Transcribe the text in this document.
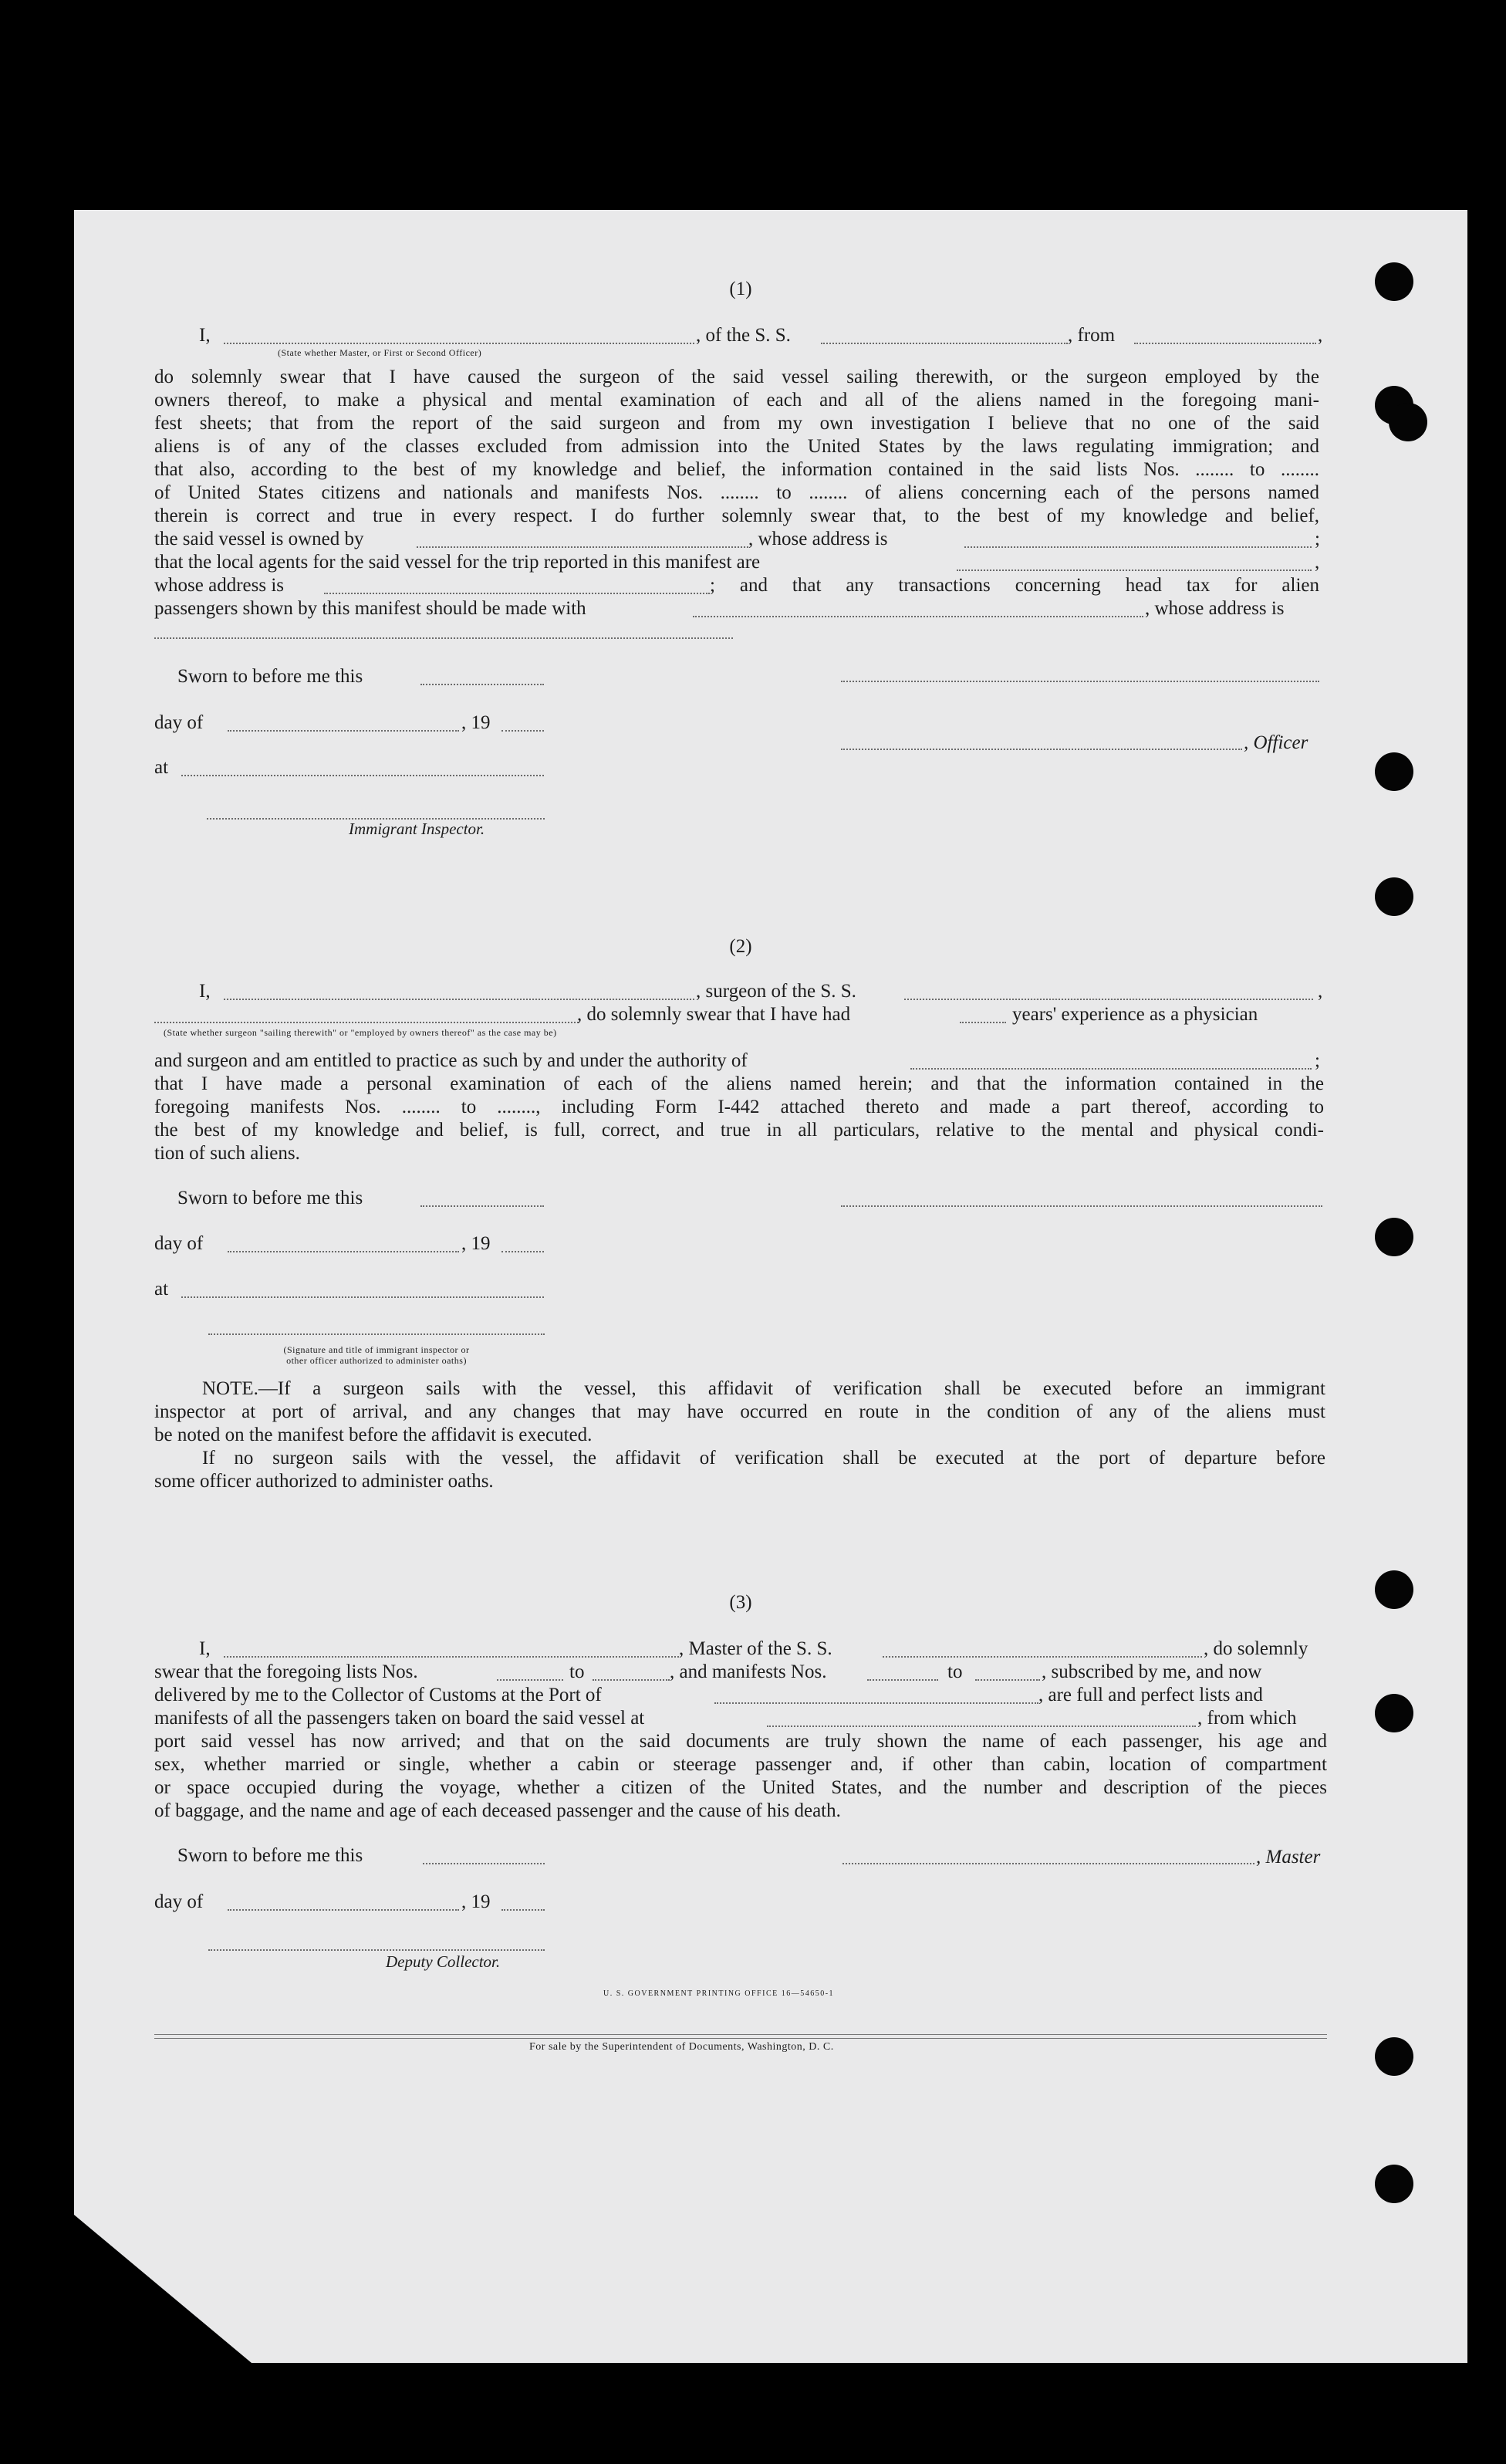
(1)
I,
(State whether Master, or First or Second Officer)
, of the S. S.	, from	,
do solemnly swear that I have caused the surgeon of the said vessel sailing therewith, or the surgeon employed by the
owners thereof, to make a physical and mental examination of each and all of the aliens named in the foregoing mani-
fest sheets; that from the report of the said surgeon and from my own investigation I believe that no one of the said
aliens is of any of the classes excluded from admission into the United States by the laws regulating immigration; and
that also, according to the best of my knowledge and belief, the information contained in the said lists Nos. ........ to ........
of United States citizens and nationals and manifests Nos. ........ to ........ of aliens concerning each of the persons named
therein is correct and true in every respect. I do further solemnly swear that, to the best of my knowledge and belief,
the said vessel is owned by	, whose address is	;
that the local agents for the said vessel for the trip reported in this manifest are	,
whose address is	; and that any transactions concerning head tax for alien
passengers shown by this manifest should be made with	, whose address is
Sworn to before me this
day of	, 19
, Officer
at
Immigrant Inspector.
(2)
I,	, surgeon of the S. S.	,
, do solemnly swear that I have had	years' experience as a physician
(State whether surgeon "sailing therewith" or "employed by owners thereof" as the case may be)
and surgeon and am entitled to practice as such by and under the authority of	;
that I have made a personal examination of each of the aliens named herein; and that the information contained in the
foregoing manifests Nos. ........ to ........, including Form I-442 attached thereto and made a part thereof, according to
the best of my knowledge and belief, is full, correct, and true in all particulars, relative to the mental and physical condi-
tion of such aliens.
Sworn to before me this
day of	, 19
at
(Signature and title of immigrant inspector or
other officer authorized to administer oaths)
NOTE.—If a surgeon sails with the vessel, this affidavit of verification shall be executed before an immigrant
inspector at port of arrival, and any changes that may have occurred en route in the condition of any of the aliens must
be noted on the manifest before the affidavit is executed.
If no surgeon sails with the vessel, the affidavit of verification shall be executed at the port of departure before
some officer authorized to administer oaths.
(3)
I,	, Master of the S. S.	, do solemnly
swear that the foregoing lists Nos.	to	, and manifests Nos.	to	, subscribed by me, and now
delivered by me to the Collector of Customs at the Port of	, are full and perfect lists and
manifests of all the passengers taken on board the said vessel at	, from which
port said vessel has now arrived; and that on the said documents are truly shown the name of each passenger, his age and
sex, whether married or single, whether a cabin or steerage passenger and, if other than cabin, location of compartment
or space occupied during the voyage, whether a citizen of the United States, and the number and description of the pieces
of baggage, and the name and age of each deceased passenger and the cause of his death.
Sworn to before me this	, Master
day of	, 19
Deputy Collector.
U. S. GOVERNMENT PRINTING OFFICE 16—54650-1
For sale by the Superintendent of Documents, Washington, D. C.
